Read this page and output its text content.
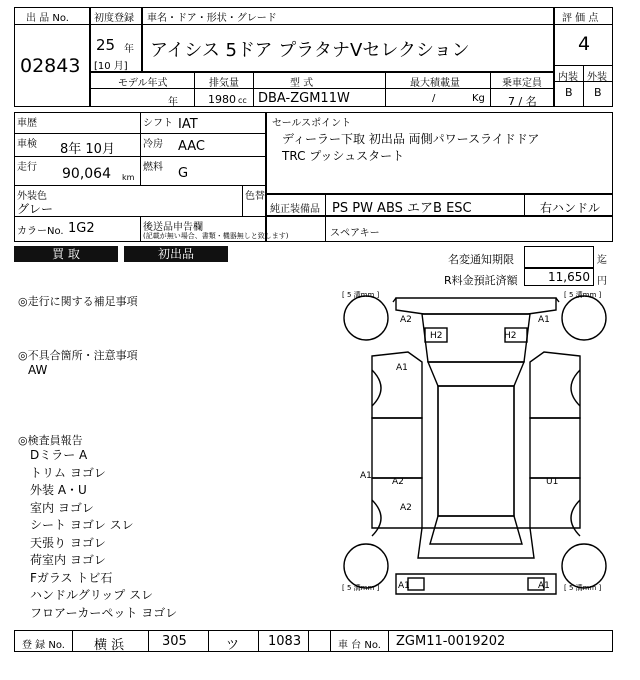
出 品 No.
02843
初度登録
25 年
[10 月]
車名・ドア・形状・グレード
アイシス 5ドア プラタナVセレクション
評 価 点
4
内装 外装
B B
モデル年式
年
排気量
1980 cc
型 式
DBA-ZGM11W
最大積載量
/	Kg
乗車定員
7 / 名
車歴	シフト IAT
車検 8年 10月	冷房 AAC
走行 90,064 km
燃料 G
外装色
グレー
色替
カラーNo. 1G2	後送品申告欄
(記載が無い場合、書類・機器無しと致します)
セールスポイント
ディーラー下取 初出品 両側パワースライドドア
TRC プッシュスタート
純正装備品 PS PW ABS エアB ESC	右ハンドル
スペアキー
買 取	初出品	名変通知期限	迄
R料金預託済額	11,650 円
◎走行に関する補足事項
◎不具合箇所・注意事項
AW
◎検査員報告
Dミラー A
トリム ヨゴレ
外装 A・U
室内 ヨゴレ
シート ヨゴレ スレ
天張り ヨゴレ
荷室内 ヨゴレ
Fガラス トビ石
ハンドルグリップ スレ
フロアーカーペット ヨゴレ
[ 5 溝mm ]	[ 5 溝mm ]
[ 5 溝mm ]	[ 5 溝mm ]
A2	A1
H2	H2
A1
A1
A2	U1
A2
A1	A1
登 録 No. 横 浜	305	ツ 1083	車 台 No. ZGM11-0019202
